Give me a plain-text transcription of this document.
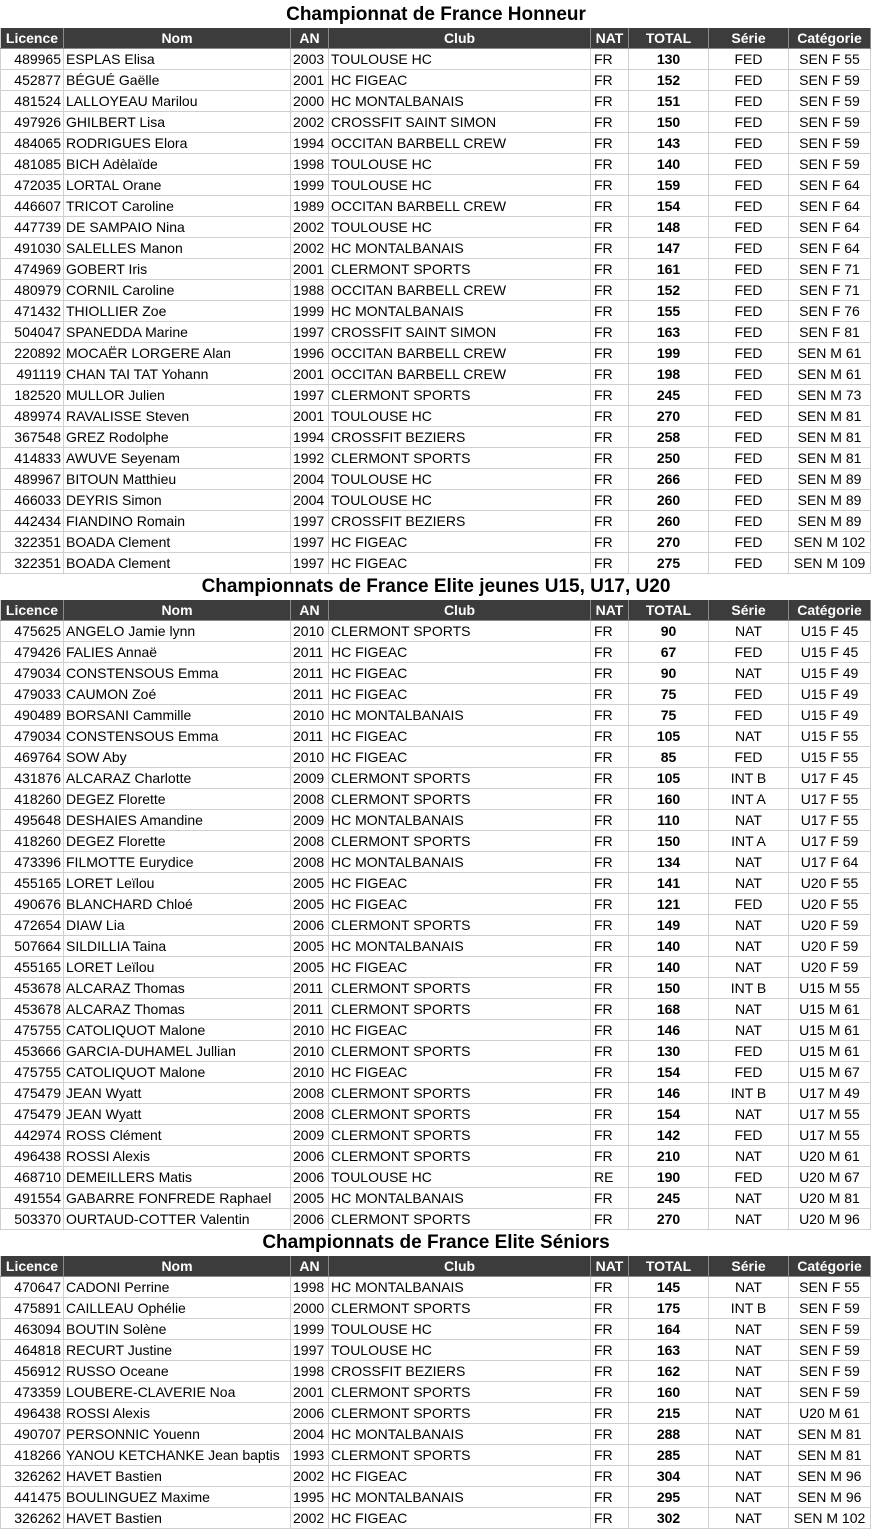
Championnat de France Honneur
Licence	Nom	AN	Club	NAT	TOTAL	Série	Catégorie
489965	ESPLAS Elisa	2003	TOULOUSE HC	FR	130	FED	SEN F 55
452877	BÉGUÉ Gaëlle	2001	HC FIGEAC	FR	152	FED	SEN F 59
481524	LALLOYEAU Marilou	2000	HC MONTALBANAIS	FR	151	FED	SEN F 59
497926	GHILBERT Lisa	2002	CROSSFIT SAINT SIMON	FR	150	FED	SEN F 59
484065	RODRIGUES Elora	1994	OCCITAN BARBELL CREW	FR	143	FED	SEN F 59
481085	BICH Adèlaïde	1998	TOULOUSE HC	FR	140	FED	SEN F 59
472035	LORTAL Orane	1999	TOULOUSE HC	FR	159	FED	SEN F 64
446607	TRICOT Caroline	1989	OCCITAN BARBELL CREW	FR	154	FED	SEN F 64
447739	DE SAMPAIO Nina	2002	TOULOUSE HC	FR	148	FED	SEN F 64
491030	SALELLES Manon	2002	HC MONTALBANAIS	FR	147	FED	SEN F 64
474969	GOBERT Iris	2001	CLERMONT SPORTS	FR	161	FED	SEN F 71
480979	CORNIL Caroline	1988	OCCITAN BARBELL CREW	FR	152	FED	SEN F 71
471432	THIOLLIER Zoe	1999	HC MONTALBANAIS	FR	155	FED	SEN F 76
504047	SPANEDDA Marine	1997	CROSSFIT SAINT SIMON	FR	163	FED	SEN F 81
220892	MOCAËR LORGERE Alan	1996	OCCITAN BARBELL CREW	FR	199	FED	SEN M 61
491119	CHAN TAI TAT Yohann	2001	OCCITAN BARBELL CREW	FR	198	FED	SEN M 61
182520	MULLOR Julien	1997	CLERMONT SPORTS	FR	245	FED	SEN M 73
489974	RAVALISSE Steven	2001	TOULOUSE HC	FR	270	FED	SEN M 81
367548	GREZ Rodolphe	1994	CROSSFIT BEZIERS	FR	258	FED	SEN M 81
414833	AWUVE Seyenam	1992	CLERMONT SPORTS	FR	250	FED	SEN M 81
489967	BITOUN Matthieu	2004	TOULOUSE HC	FR	266	FED	SEN M 89
466033	DEYRIS Simon	2004	TOULOUSE HC	FR	260	FED	SEN M 89
442434	FIANDINO Romain	1997	CROSSFIT BEZIERS	FR	260	FED	SEN M 89
322351	BOADA Clement	1997	HC FIGEAC	FR	270	FED	SEN M 102
322351	BOADA Clement	1997	HC FIGEAC	FR	275	FED	SEN M 109
Championnats de France Elite jeunes U15, U17, U20
Licence	Nom	AN	Club	NAT	TOTAL	Série	Catégorie
475625	ANGELO Jamie lynn	2010	CLERMONT SPORTS	FR	90	NAT	U15 F 45
479426	FALIES Annaë	2011	HC FIGEAC	FR	67	FED	U15 F 45
479034	CONSTENSOUS Emma	2011	HC FIGEAC	FR	90	NAT	U15 F 49
479033	CAUMON Zoé	2011	HC FIGEAC	FR	75	FED	U15 F 49
490489	BORSANI Cammille	2010	HC MONTALBANAIS	FR	75	FED	U15 F 49
479034	CONSTENSOUS Emma	2011	HC FIGEAC	FR	105	NAT	U15 F 55
469764	SOW Aby	2010	HC FIGEAC	FR	85	FED	U15 F 55
431876	ALCARAZ Charlotte	2009	CLERMONT SPORTS	FR	105	INT B	U17 F 45
418260	DEGEZ Florette	2008	CLERMONT SPORTS	FR	160	INT A	U17 F 55
495648	DESHAIES Amandine	2009	HC MONTALBANAIS	FR	110	NAT	U17 F 55
418260	DEGEZ Florette	2008	CLERMONT SPORTS	FR	150	INT A	U17 F 59
473396	FILMOTTE Eurydice	2008	HC MONTALBANAIS	FR	134	NAT	U17 F 64
455165	LORET Leïlou	2005	HC FIGEAC	FR	141	NAT	U20 F 55
490676	BLANCHARD Chloé	2005	HC FIGEAC	FR	121	FED	U20 F 55
472654	DIAW Lia	2006	CLERMONT SPORTS	FR	149	NAT	U20 F 59
507664	SILDILLIA Taina	2005	HC MONTALBANAIS	FR	140	NAT	U20 F 59
455165	LORET Leïlou	2005	HC FIGEAC	FR	140	NAT	U20 F 59
453678	ALCARAZ Thomas	2011	CLERMONT SPORTS	FR	150	INT B	U15 M 55
453678	ALCARAZ Thomas	2011	CLERMONT SPORTS	FR	168	NAT	U15 M 61
475755	CATOLIQUOT Malone	2010	HC FIGEAC	FR	146	NAT	U15 M 61
453666	GARCIA-DUHAMEL Jullian	2010	CLERMONT SPORTS	FR	130	FED	U15 M 61
475755	CATOLIQUOT Malone	2010	HC FIGEAC	FR	154	FED	U15 M 67
475479	JEAN Wyatt	2008	CLERMONT SPORTS	FR	146	INT B	U17 M 49
475479	JEAN Wyatt	2008	CLERMONT SPORTS	FR	154	NAT	U17 M 55
442974	ROSS Clément	2009	CLERMONT SPORTS	FR	142	FED	U17 M 55
496438	ROSSI Alexis	2006	CLERMONT SPORTS	FR	210	NAT	U20 M 61
468710	DEMEILLERS Matis	2006	TOULOUSE HC	RE	190	FED	U20 M 67
491554	GABARRE FONFREDE Raphael	2005	HC MONTALBANAIS	FR	245	NAT	U20 M 81
503370	OURTAUD-COTTER Valentin	2006	CLERMONT SPORTS	FR	270	NAT	U20 M 96
Championnats de France Elite Séniors
Licence	Nom	AN	Club	NAT	TOTAL	Série	Catégorie
470647	CADONI Perrine	1998	HC MONTALBANAIS	FR	145	NAT	SEN F 55
475891	CAILLEAU Ophélie	2000	CLERMONT SPORTS	FR	175	INT B	SEN F 59
463094	BOUTIN Solène	1999	TOULOUSE HC	FR	164	NAT	SEN F 59
464818	RECURT Justine	1997	TOULOUSE HC	FR	163	NAT	SEN F 59
456912	RUSSO Oceane	1998	CROSSFIT BEZIERS	FR	162	NAT	SEN F 59
473359	LOUBERE-CLAVERIE Noa	2001	CLERMONT SPORTS	FR	160	NAT	SEN F 59
496438	ROSSI Alexis	2006	CLERMONT SPORTS	FR	215	NAT	U20 M 61
490707	PERSONNIC Youenn	2004	HC MONTALBANAIS	FR	288	NAT	SEN M 81
418266	YANOU KETCHANKE Jean baptis	1993	CLERMONT SPORTS	FR	285	NAT	SEN M 81
326262	HAVET Bastien	2002	HC FIGEAC	FR	304	NAT	SEN M 96
441475	BOULINGUEZ Maxime	1995	HC MONTALBANAIS	FR	295	NAT	SEN M 96
326262	HAVET Bastien	2002	HC FIGEAC	FR	302	NAT	SEN M 102
